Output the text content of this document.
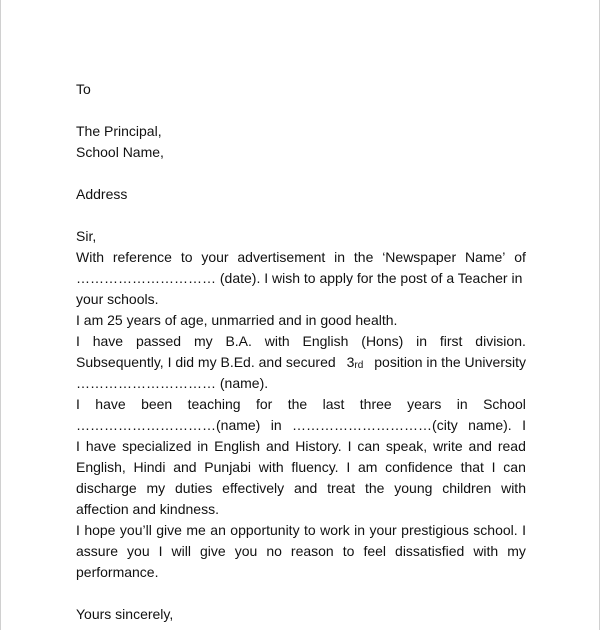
To
The Principal,
School Name,
Address
Sir,
With reference to your advertisement in the ‘Newspaper Name’ of
………………………… (date). I wish to apply for the post of a Teacher in
your schools.
I am 25 years of age, unmarried and in good health.
I have passed my B.A. with English (Hons) in first division.
Subsequently, I did my B.Ed. and secured $3_{rd}$ position in the University
………………………… (name).
I have been teaching for the last three years in School
…………………………(name) in …………………………(city name). I
I have specialized in English and History. I can speak, write and read
English, Hindi and Punjabi with fluency. I am confidence that I can
discharge my duties effectively and treat the young children with
affection and kindness.
I hope you’ll give me an opportunity to work in your prestigious school. I
assure you I will give you no reason to feel dissatisfied with my
performance.
Yours sincerely,
